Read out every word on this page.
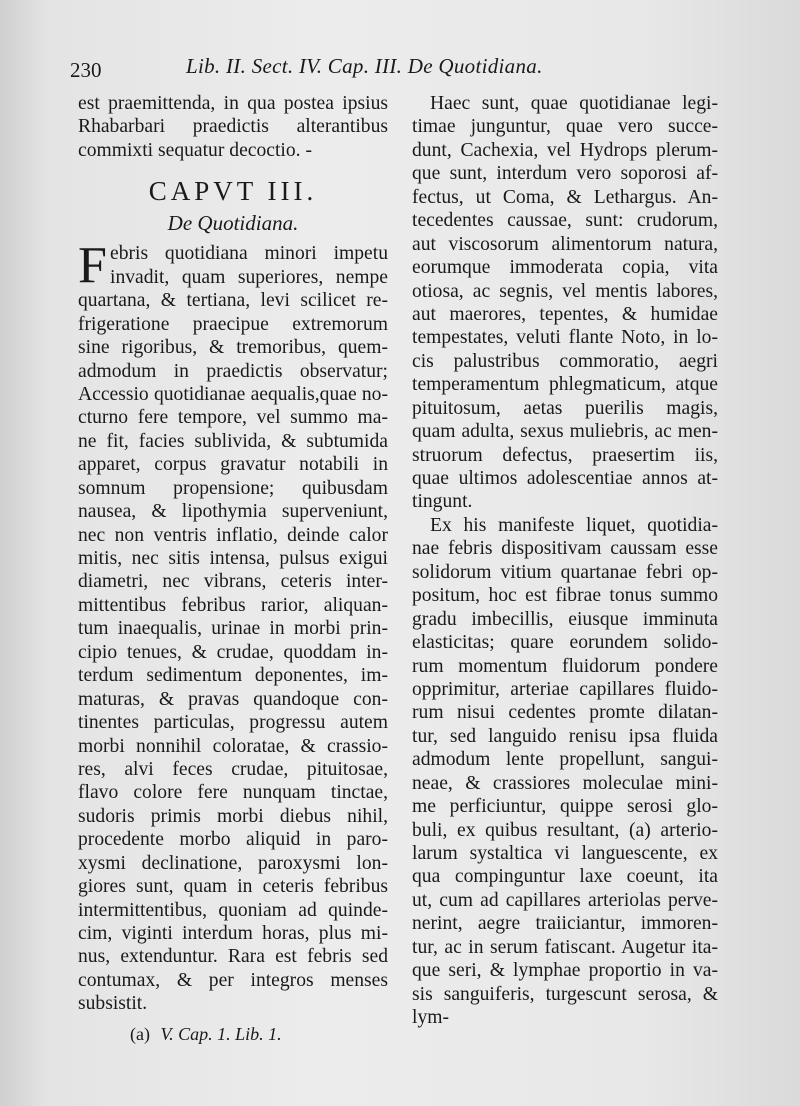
230	Lib. II. Sect. IV. Cap. III. De Quotidiana.
est praemittenda, in qua postea ipsius
Rhabarbari praedictis alterantibus
commixti sequatur decoctio. -
CAPVT III.
De Quotidiana.
F ebris quotidiana minori impetu
invadit, quam superiores, nempe
quartana, & tertiana, levi scilicet re-
frigeratione praecipue extremorum
sine rigoribus, & tremoribus, quem-
admodum in praedictis observatur;
Accessio quotidianae aequalis,quae no-
cturno fere tempore, vel summo ma-
ne fit, facies sublivida, & subtumida
apparet, corpus gravatur notabili in
somnum propensione; quibusdam
nausea, & lipothymia superveniunt,
nec non ventris inflatio, deinde calor
mitis, nec sitis intensa, pulsus exigui
diametri, nec vibrans, ceteris inter-
mittentibus febribus rarior, aliquan-
tum inaequalis, urinae in morbi prin-
cipio tenues, & crudae, quoddam in-
terdum sedimentum deponentes, im-
maturas, & pravas quandoque con-
tinentes particulas, progressu autem
morbi nonnihil coloratae, & crassio-
res, alvi feces crudae, pituitosae,
flavo colore fere nunquam tinctae,
sudoris primis morbi diebus nihil,
procedente morbo aliquid in paro-
xysmi declinatione, paroxysmi lon-
giores sunt, quam in ceteris febribus
intermittentibus, quoniam ad quinde-
cim, viginti interdum horas, plus mi-
nus, extenduntur. Rara est febris sed
contumax, & per integros menses
subsistit.
Haec sunt, quae quotidianae legi-
timae junguntur, quae vero succe-
dunt, Cachexia, vel Hydrops plerum-
que sunt, interdum vero soporosi af-
fectus, ut Coma, & Lethargus. An-
tecedentes caussae, sunt: crudorum,
aut viscosorum alimentorum natura,
eorumque immoderata copia, vita
otiosa, ac segnis, vel mentis labores,
aut maerores, tepentes, & humidae
tempestates, veluti flante Noto, in lo-
cis palustribus commoratio, aegri
temperamentum phlegmaticum, atque
pituitosum, aetas puerilis magis,
quam adulta, sexus muliebris, ac men-
struorum defectus, praesertim iis,
quae ultimos adolescentiae annos at-
tingunt.
Ex his manifeste liquet, quotidia-
nae febris dispositivam caussam esse
solidorum vitium quartanae febri op-
positum, hoc est fibrae tonus summo
gradu imbecillis, eiusque imminuta
elasticitas; quare eorundem solido-
rum momentum fluidorum pondere
opprimitur, arteriae capillares fluido-
rum nisui cedentes promte dilatan-
tur, sed languido renisu ipsa fluida
admodum lente propellunt, sangui-
neae, & crassiores moleculae mini-
me perficiuntur, quippe serosi glo-
buli, ex quibus resultant, (a) arterio-
larum systaltica vi languescente, ex
qua compinguntur laxe coeunt, ita
ut, cum ad capillares arteriolas perve-
nerint, aegre traiiciantur, immoren-
tur, ac in serum fatiscant. Augetur ita-
que seri, & lymphae proportio in va-
sis sanguiferis, turgescunt serosa, &
lym-
(a) V. Cap. 1. Lib. 1.
